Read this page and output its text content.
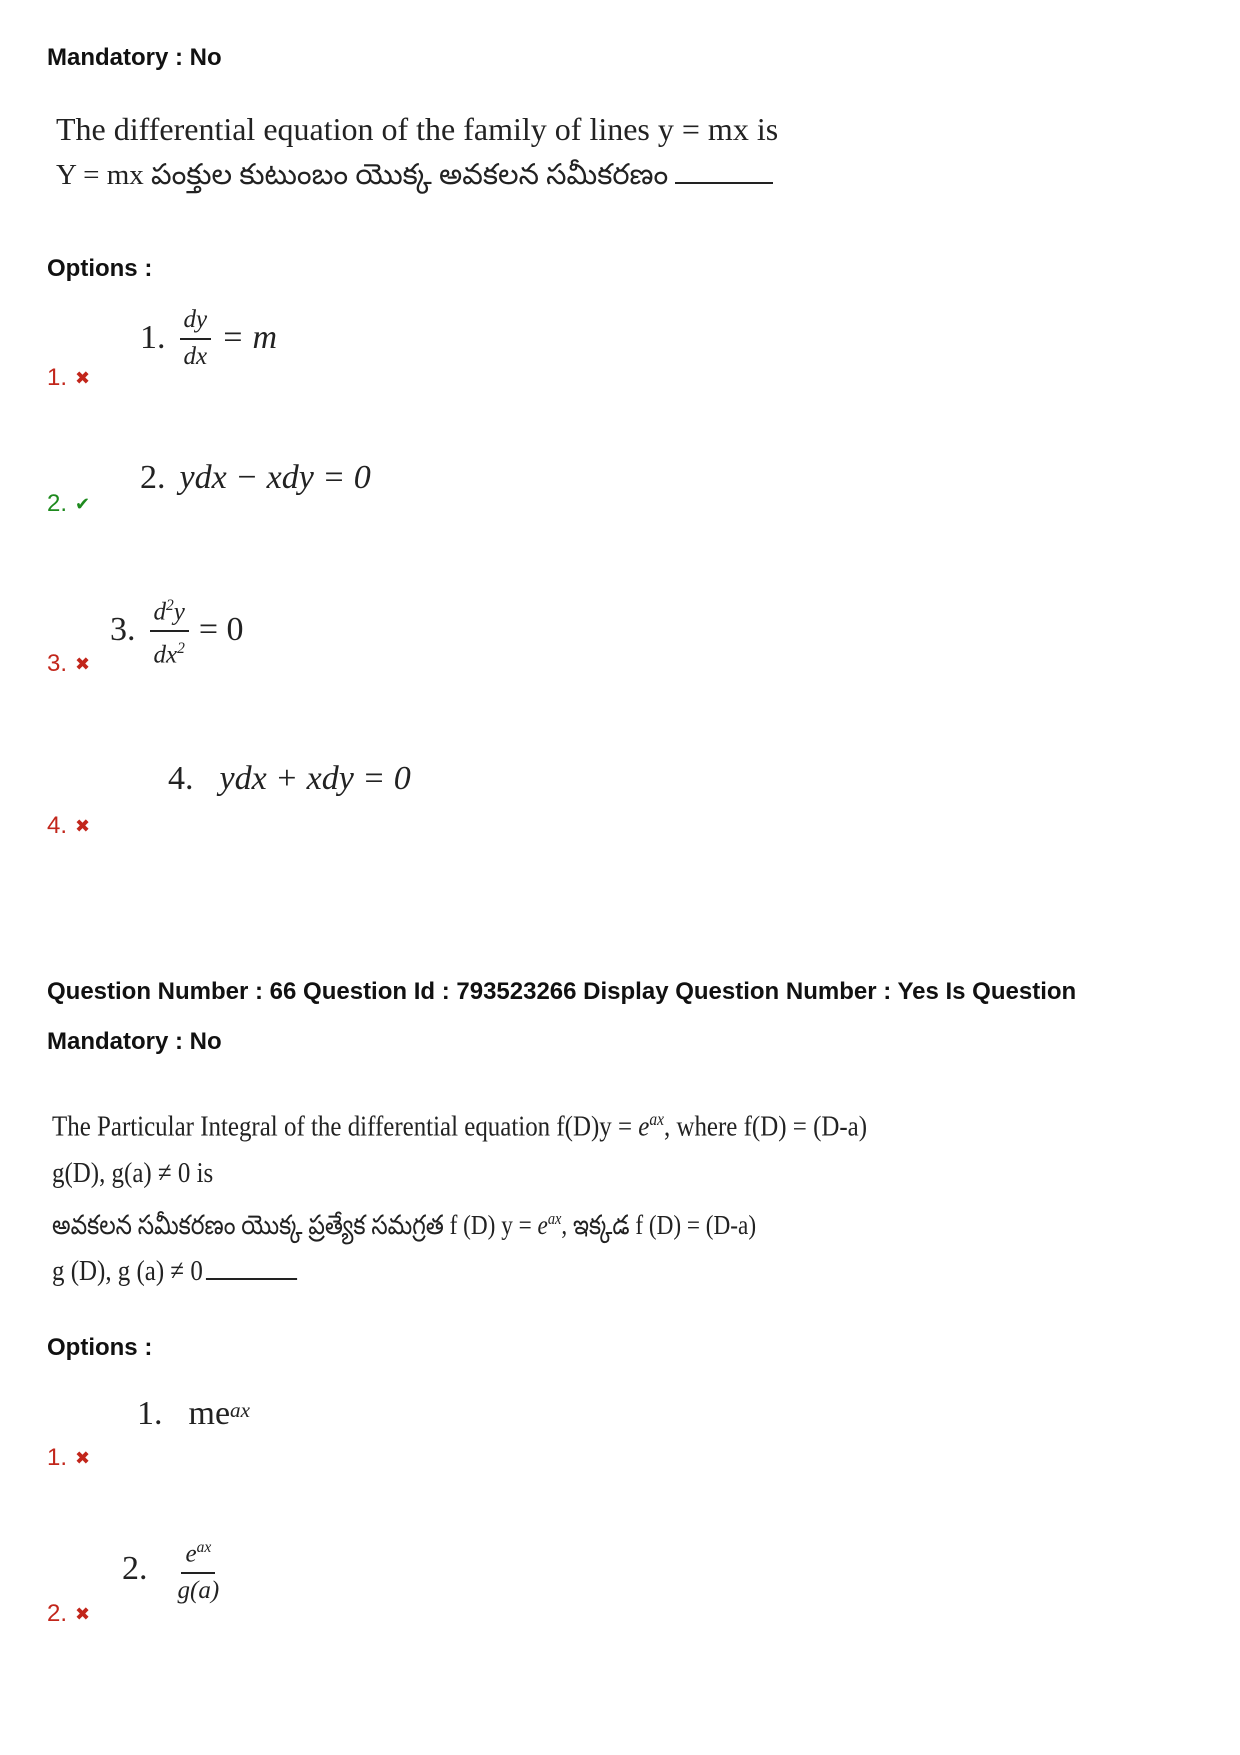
Mandatory : No
The differential equation of the family of lines y = mx is
Y = mx పంక్తుల కుటుంబం యొక్క అవకలన సమీకరణం
Options :
1. $\frac{dy}{dx} = m$
1. ✖
2. ydx − xdy = 0
2. ✔
3. $\frac{d^2y}{dx^2} = 0$
3. ✖
4. ydx + xdy = 0
4. ✖
Question Number : 66 Question Id : 793523266 Display Question Number : Yes Is Question
Mandatory : No
The Particular Integral of the differential equation $f(D)y = e^{ax}$, where f(D) = (D-a)
g(D), g(a) ≠ 0 is
అవకలన సమీకరణం యొక్క ప్రత్యేక సమగ్రత f (D) $y = e^{ax}$, ఇక్కడ f (D) = (D-a)
g (D), g (a) ≠ 0
Options :
1. me $^{ax}$
1. ✖
2. $\frac{e^{ax}}{g(a)}$
2. ✖
